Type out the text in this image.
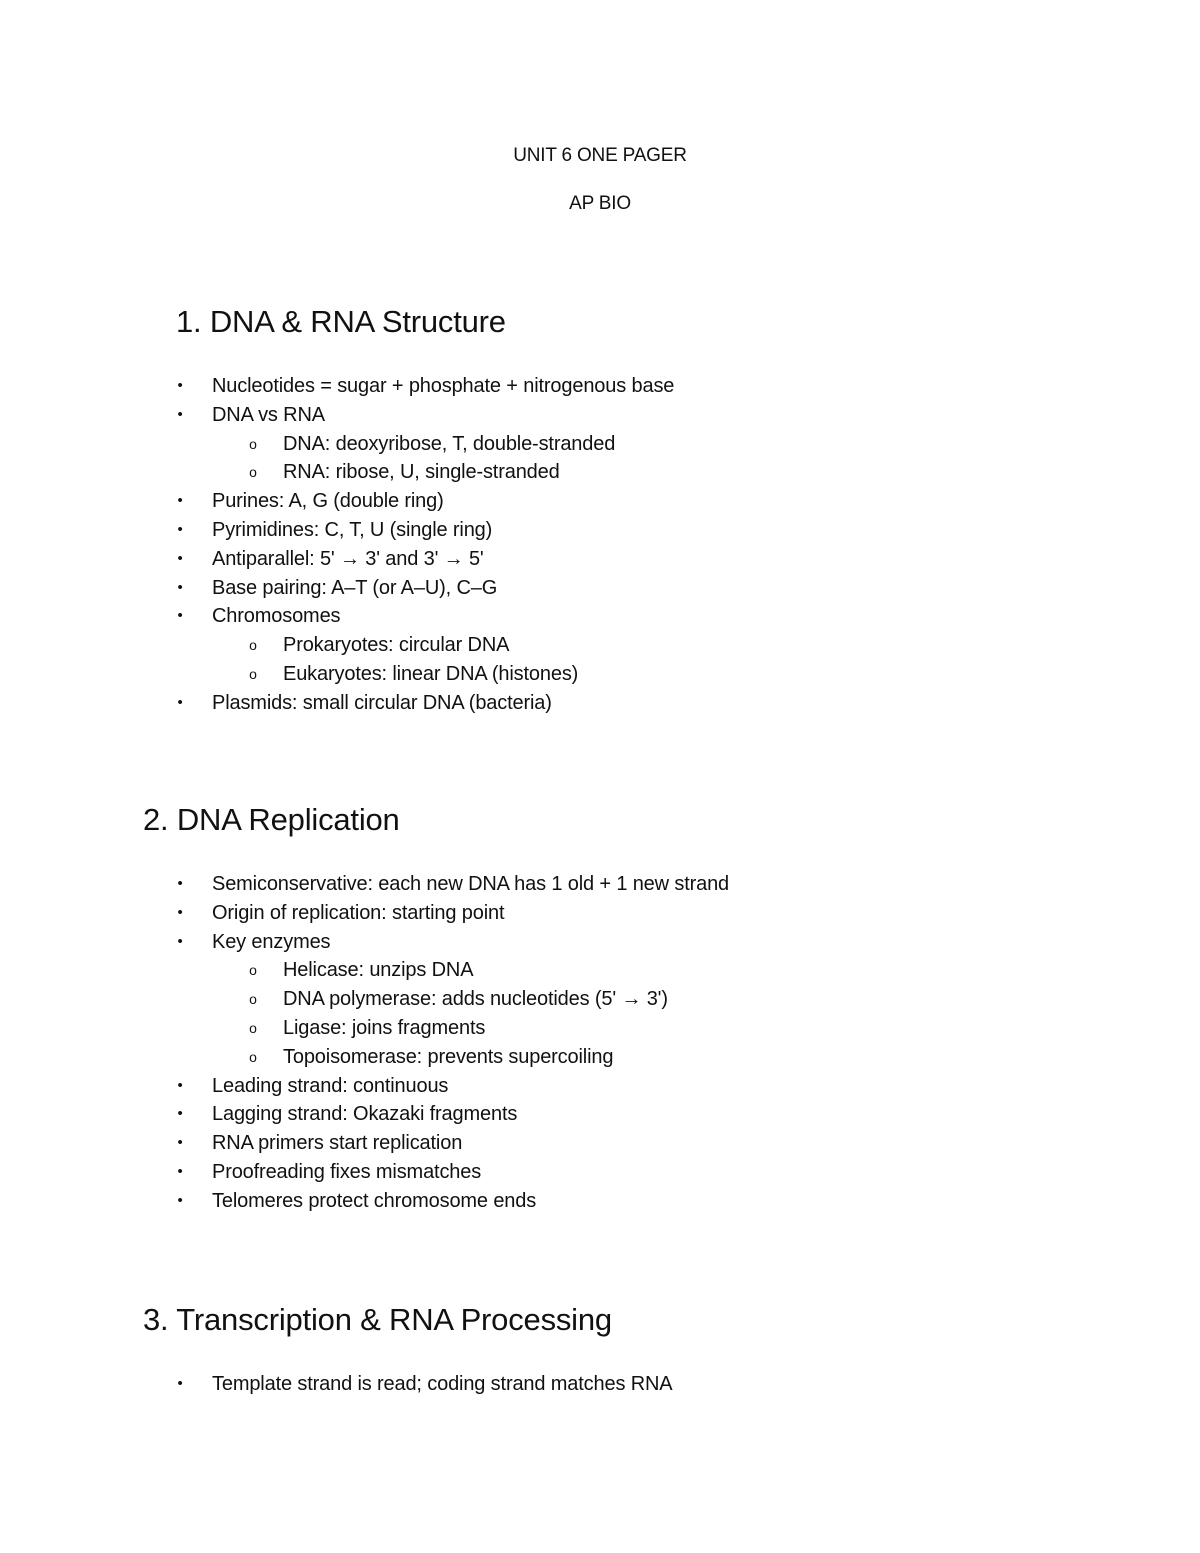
UNIT 6 ONE PAGER
AP BIO
1. DNA & RNA Structure
• Nucleotides = sugar + phosphate + nitrogenous base
• DNA vs RNA
o DNA: deoxyribose, T, double-stranded
o RNA: ribose, U, single-stranded
• Purines: A, G (double ring)
• Pyrimidines: C, T, U (single ring)
• Antiparallel: 5' → 3' and 3' → 5'
• Base pairing: A–T (or A–U), C–G
• Chromosomes
o Prokaryotes: circular DNA
o Eukaryotes: linear DNA (histones)
• Plasmids: small circular DNA (bacteria)
2. DNA Replication
• Semiconservative: each new DNA has 1 old + 1 new strand
• Origin of replication: starting point
• Key enzymes
o Helicase: unzips DNA
o DNA polymerase: adds nucleotides (5' → 3')
o Ligase: joins fragments
o Topoisomerase: prevents supercoiling
• Leading strand: continuous
• Lagging strand: Okazaki fragments
• RNA primers start replication
• Proofreading fixes mismatches
• Telomeres protect chromosome ends
3. Transcription & RNA Processing
• Template strand is read; coding strand matches RNA
